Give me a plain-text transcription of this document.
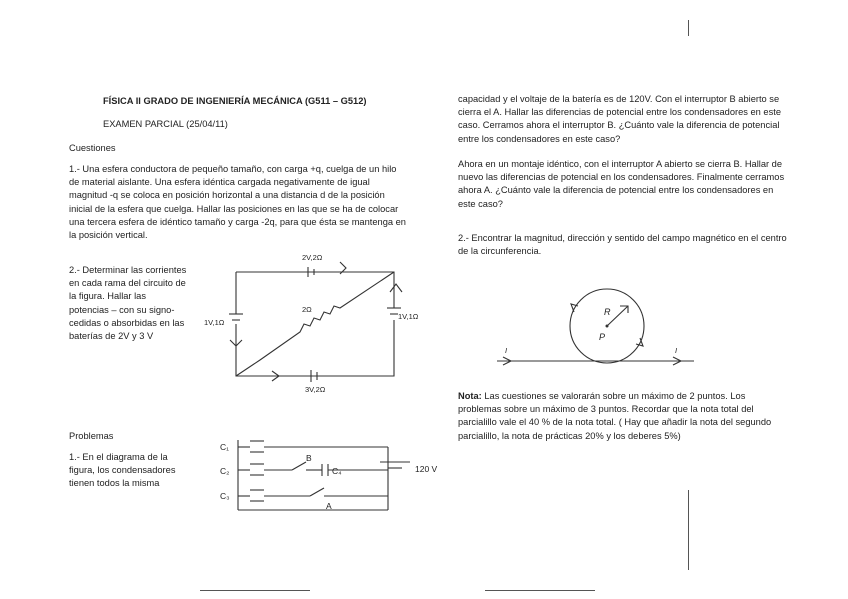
FÍSICA II GRADO DE INGENIERÍA MECÁNICA (G511 – G512)
EXAMEN PARCIAL (25/04/11)
Cuestiones
1.- Una esfera conductora de pequeño tamaño, con carga +q, cuelga de un hilo de material aislante. Una esfera idéntica cargada negativamente de igual magnitud -q se coloca en posición horizontal a una distancia d de la posición inicial de la esfera que cuelga. Hallar las posiciones en las que se ha de colocar una tercera esfera de idéntico tamaño y carga -2q, para que ésta se mantenga en la posición vertical.
2.- Determinar las corrientes en cada rama del circuito de la figura. Hallar las potencias – con su signo- cedidas o absorbidas en las baterías de 2V y 3 V
2V,2Ω
1V,1Ω
1V,1Ω
3V,2Ω
2Ω
Problemas
1.- En el diagrama de la figura, los condensadores tienen todos la misma
C₁
C₂
C₃
C₄
B
A
120 V
capacidad y el voltaje de la batería es de 120V. Con el interruptor B abierto se cierra el A. Hallar las diferencias de potencial entre los condensadores en este caso. Cerramos ahora el interruptor B. ¿Cuánto vale la diferencia de potencial entre los condensadores en este caso?
Ahora en un montaje idéntico, con el interruptor A abierto se cierra B. Hallar de nuevo las diferencias de potencial en los condensadores. Finalmente cerramos ahora A. ¿Cuánto vale la diferencia de potencial entre los condensadores en este caso?
2.- Encontrar la magnitud, dirección y sentido del campo magnético en el centro de la circunferencia.
I	I
R
P
Nota: Las cuestiones se valorarán sobre un máximo de 2 puntos. Los problemas sobre un máximo de 3 puntos. Recordar que la nota total del parcialillo vale el 40 % de la nota total. ( Hay que añadir la nota del segundo parcialillo, la nota de prácticas 20% y los deberes 5%)
